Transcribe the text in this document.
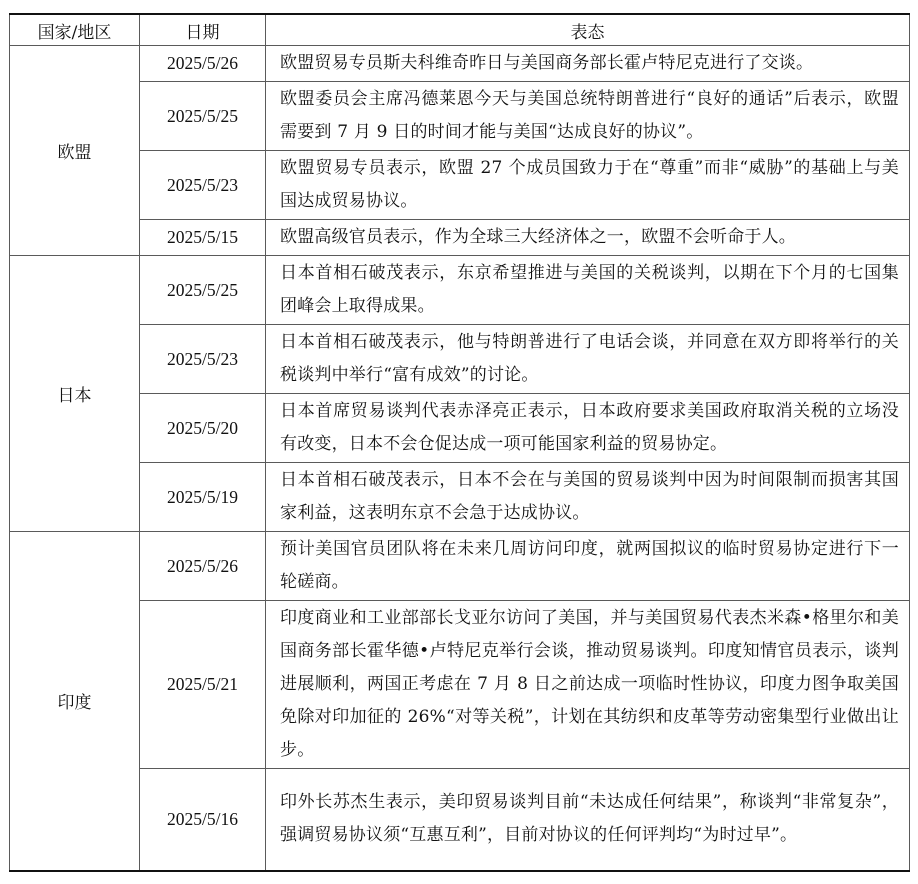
国家/地区	日期	表态
欧盟	2025/5/26	欧盟贸易专员斯夫科维奇昨日与美国商务部长霍卢特尼克进行了交谈。
	2025/5/25	欧盟委员会主席冯德莱恩今天与美国总统特朗普进行“良好的通话”后表示，欧盟需要到 7 月 9 日的时间才能与美国“达成良好的协议”。
	2025/5/23	欧盟贸易专员表示，欧盟 27 个成员国致力于在“尊重”而非“威胁”的基础上与美国达成贸易协议。
	2025/5/15	欧盟高级官员表示，作为全球三大经济体之一，欧盟不会听命于人。
日本	2025/5/25	日本首相石破茂表示，东京希望推进与美国的关税谈判，以期在下个月的七国集团峰会上取得成果。
	2025/5/23	日本首相石破茂表示，他与特朗普进行了电话会谈，并同意在双方即将举行的关税谈判中举行“富有成效”的讨论。
	2025/5/20	日本首席贸易谈判代表赤泽亮正表示，日本政府要求美国政府取消关税的立场没有改变，日本不会仓促达成一项可能国家利益的贸易协定。
	2025/5/19	日本首相石破茂表示，日本不会在与美国的贸易谈判中因为时间限制而损害其国家利益，这表明东京不会急于达成协议。
印度	2025/5/26	预计美国官员团队将在未来几周访问印度，就两国拟议的临时贸易协定进行下一轮磋商。
	2025/5/21	印度商业和工业部部长戈亚尔访问了美国，并与美国贸易代表杰米森•格里尔和美国商务部长霍华德•卢特尼克举行会谈，推动贸易谈判。印度知情官员表示，谈判进展顺利，两国正考虑在 7 月 8 日之前达成一项临时性协议，印度力图争取美国免除对印加征的 26%“对等关税”，计划在其纺织和皮革等劳动密集型行业做出让步。
	2025/5/16	印外长苏杰生表示，美印贸易谈判目前“未达成任何结果”，称谈判“非常复杂”，强调贸易协议须“互惠互利”，目前对协议的任何评判均“为时过早”。
